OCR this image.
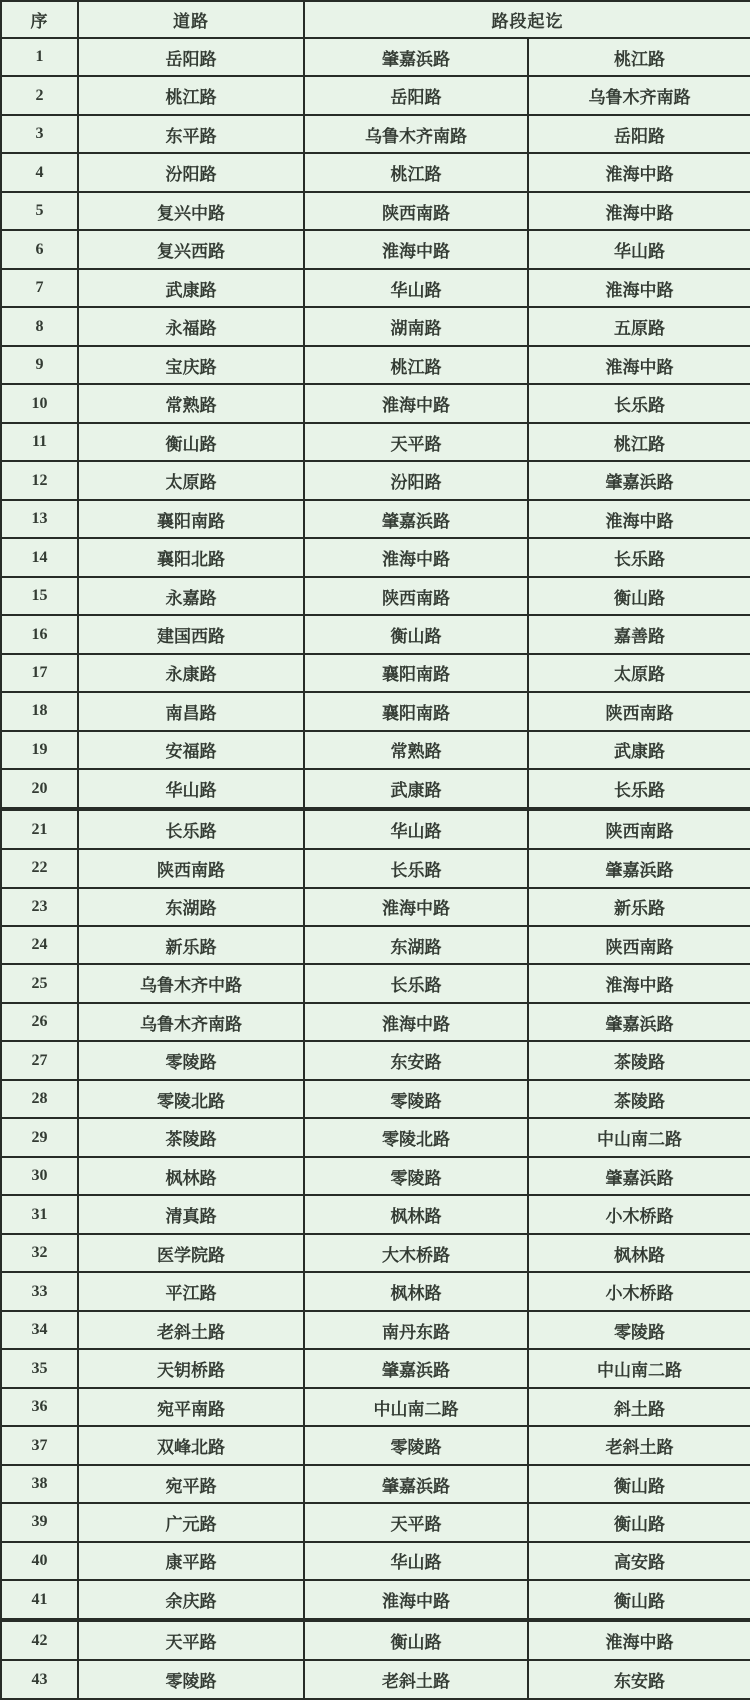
序	道路	路段起讫	
1	岳阳路	肇嘉浜路	桃江路
2	桃江路	岳阳路	乌鲁木齐南路
3	东平路	乌鲁木齐南路	岳阳路
4	汾阳路	桃江路	淮海中路
5	复兴中路	陕西南路	淮海中路
6	复兴西路	淮海中路	华山路
7	武康路	华山路	淮海中路
8	永福路	湖南路	五原路
9	宝庆路	桃江路	淮海中路
10	常熟路	淮海中路	长乐路
11	衡山路	天平路	桃江路
12	太原路	汾阳路	肇嘉浜路
13	襄阳南路	肇嘉浜路	淮海中路
14	襄阳北路	淮海中路	长乐路
15	永嘉路	陕西南路	衡山路
16	建国西路	衡山路	嘉善路
17	永康路	襄阳南路	太原路
18	南昌路	襄阳南路	陕西南路
19	安福路	常熟路	武康路
20	华山路	武康路	长乐路
21	长乐路	华山路	陕西南路
22	陕西南路	长乐路	肇嘉浜路
23	东湖路	淮海中路	新乐路
24	新乐路	东湖路	陕西南路
25	乌鲁木齐中路	长乐路	淮海中路
26	乌鲁木齐南路	淮海中路	肇嘉浜路
27	零陵路	东安路	茶陵路
28	零陵北路	零陵路	茶陵路
29	茶陵路	零陵北路	中山南二路
30	枫林路	零陵路	肇嘉浜路
31	清真路	枫林路	小木桥路
32	医学院路	大木桥路	枫林路
33	平江路	枫林路	小木桥路
34	老斜土路	南丹东路	零陵路
35	天钥桥路	肇嘉浜路	中山南二路
36	宛平南路	中山南二路	斜土路
37	双峰北路	零陵路	老斜土路
38	宛平路	肇嘉浜路	衡山路
39	广元路	天平路	衡山路
40	康平路	华山路	高安路
41	余庆路	淮海中路	衡山路
42	天平路	衡山路	淮海中路
43	零陵路	老斜土路	东安路
